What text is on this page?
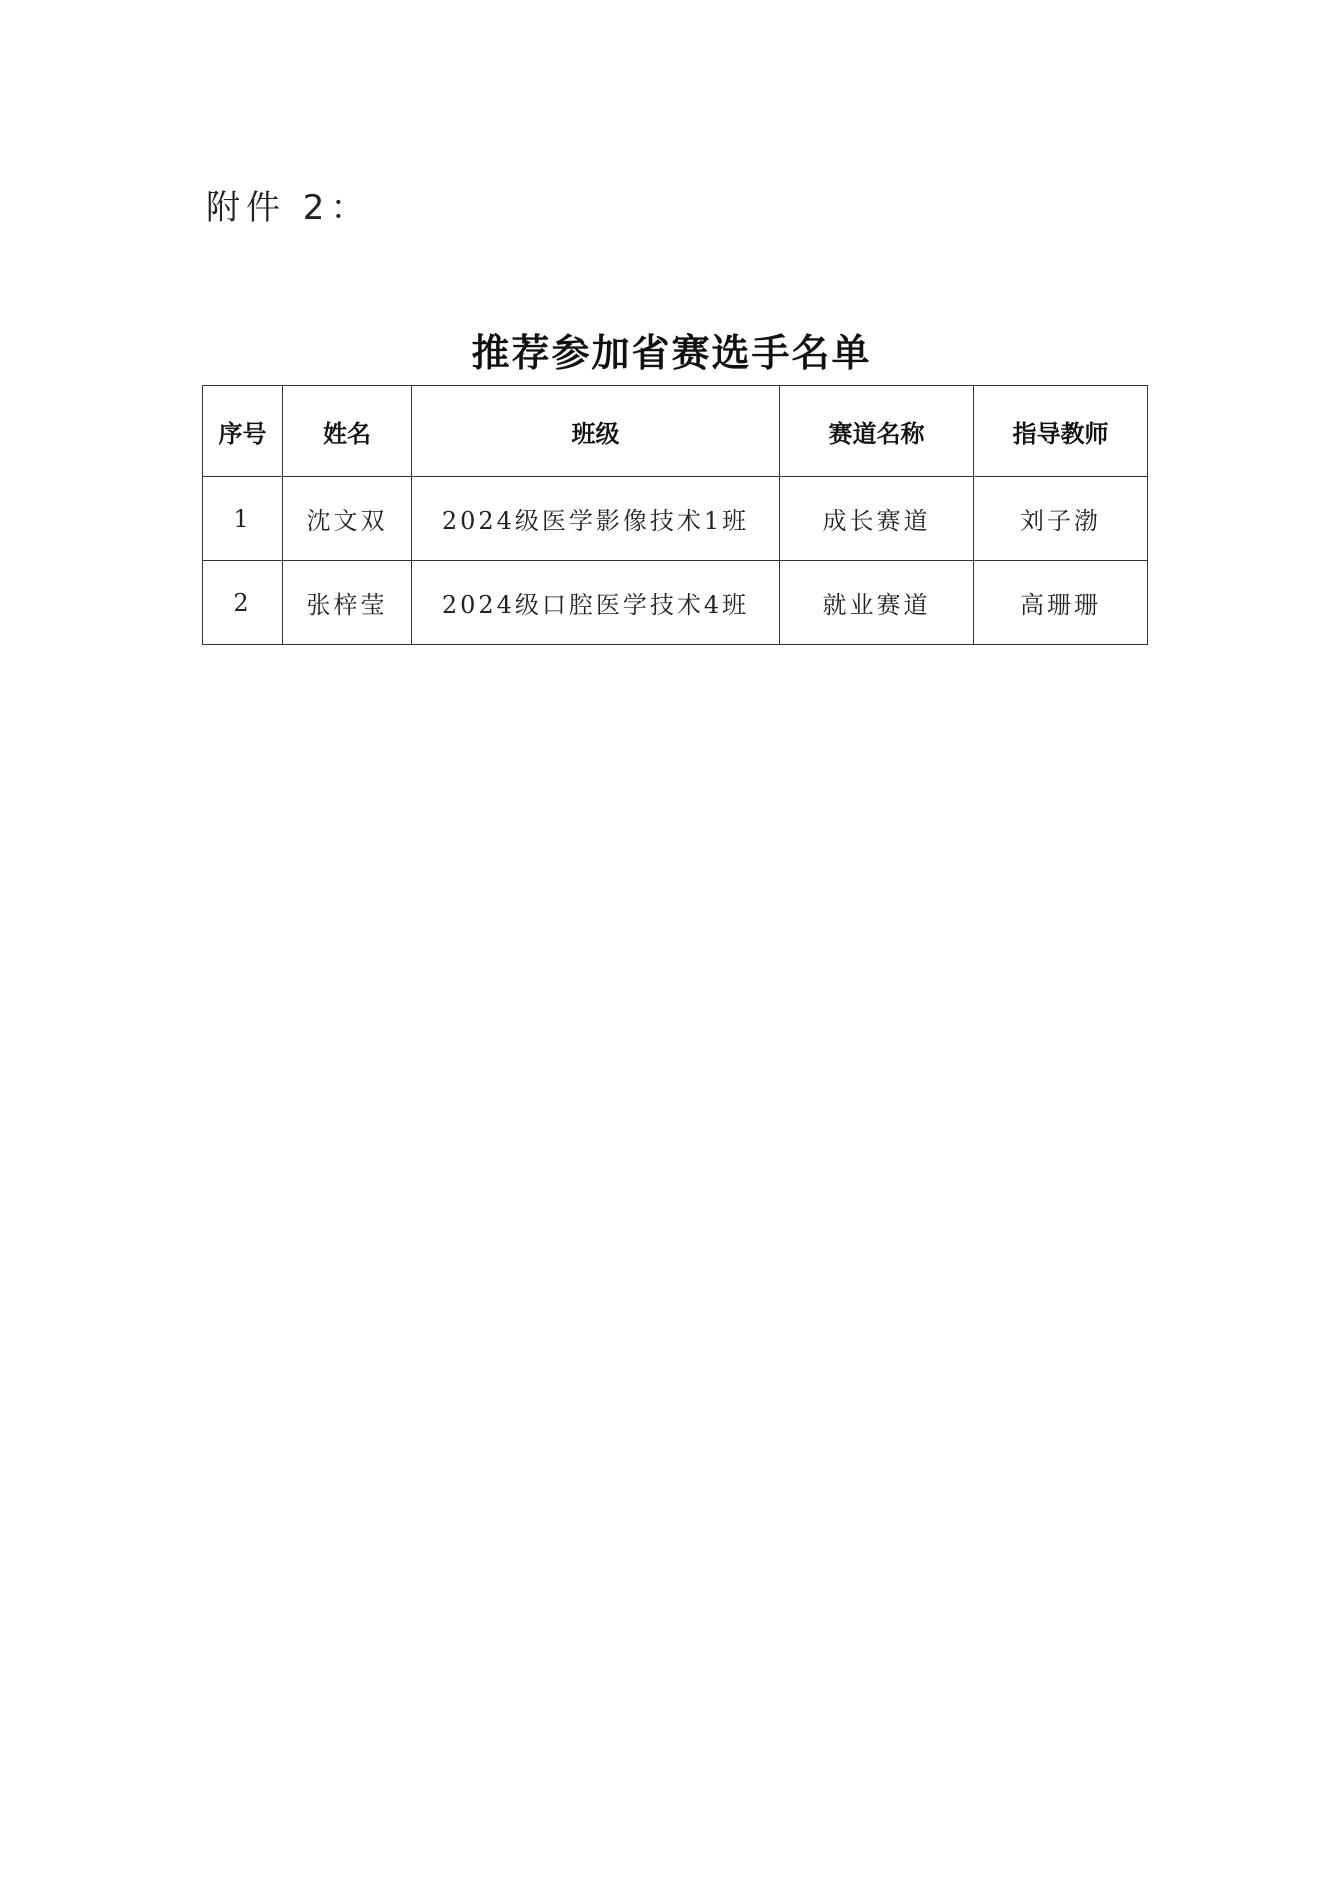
附件 2：
推荐参加省赛选手名单
序号	姓名	班级	赛道名称	指导教师
1	沈文双	2024级医学影像技术1班	成长赛道	刘子渤
2	张梓莹	2024级口腔医学技术4班	就业赛道	高珊珊
